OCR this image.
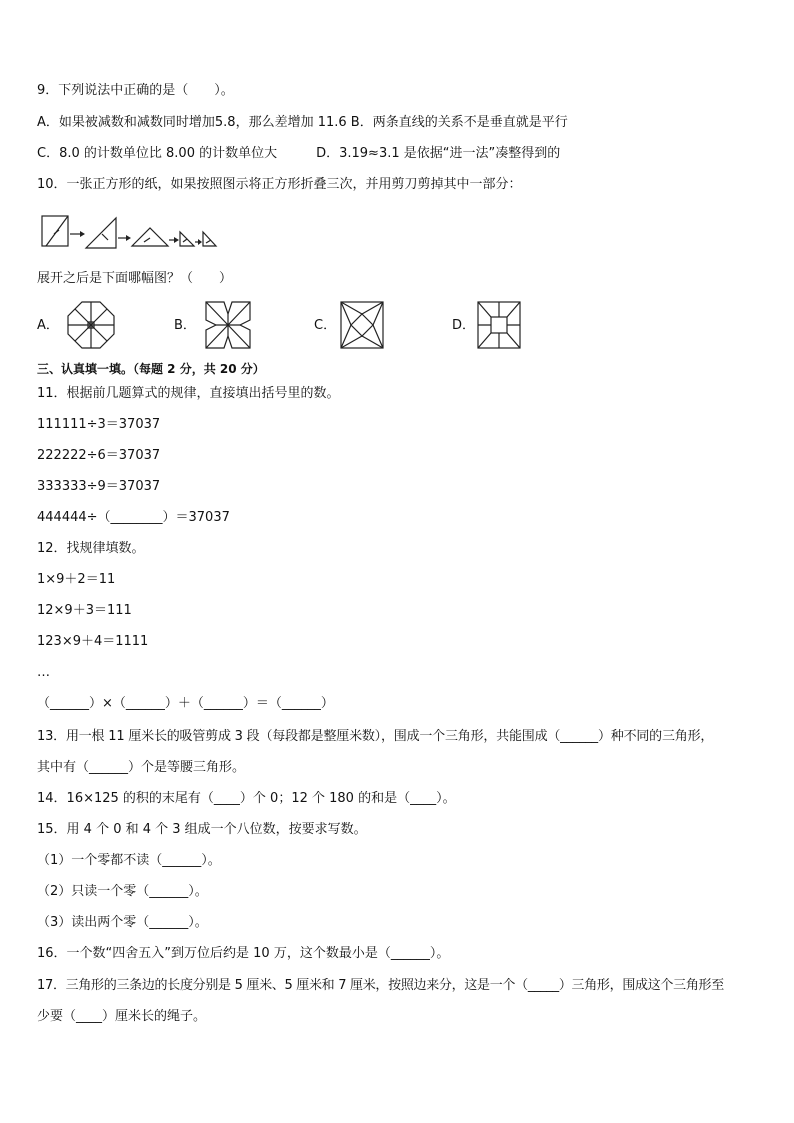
9．下列说法中正确的是（　　）。
A．如果被减数和减数同时增加5.8，那么差增加 11.6 B．两条直线的关系不是垂直就是平行
C．8.0 的计数单位比 8.00 的计数单位大　　　D．3.19≈3.1 是依据“进一法”凑整得到的
10．一张正方形的纸，如果按照图示将正方形折叠三次，并用剪刀剪掉其中一部分：
展开之后是下面哪幅图？（　　）
A．	B．	C．	D．
三、认真填一填。（每题 2 分，共 20 分）
11．根据前几题算式的规律，直接填出括号里的数。
111111÷3＝37037
222222÷6＝37037
333333÷9＝37037
444444÷（________）＝37037
12．找规律填数。
1×9＋2＝11
12×9＋3＝111
123×9＋4＝1111
…
（______）×（______）＋（______）＝（______）
13．用一根 11 厘米长的吸管剪成 3 段（每段都是整厘米数），围成一个三角形，共能围成（______）种不同的三角形，
其中有（______）个是等腰三角形。
14．16×125 的积的末尾有（____）个 0；12 个 180 的和是（____）。
15．用 4 个 0 和 4 个 3 组成一个八位数，按要求写数。
（1）一个零都不读（______）。
（2）只读一个零（______）。
（3）读出两个零（______）。
16．一个数“四舍五入”到万位后约是 10 万，这个数最小是（______）。
17．三角形的三条边的长度分别是 5 厘米、5 厘米和 7 厘米，按照边来分，这是一个（_____）三角形，围成这个三角形至
少要（____）厘米长的绳子。
